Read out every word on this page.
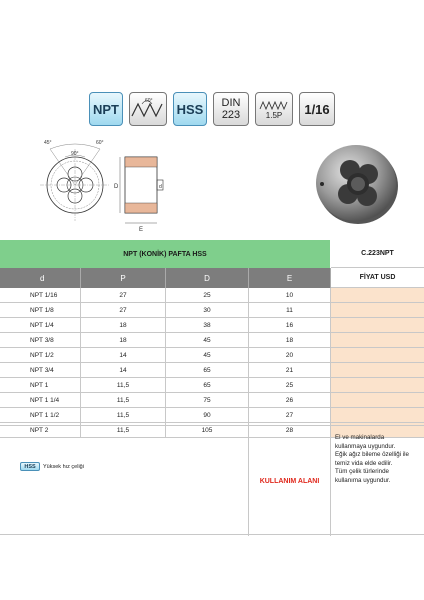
NPT
60°
HSS DIN
223	1.5P 1/16
45°	60°
90°
D	d
E
NPT (KONİK) PAFTA HSS	C.223NPT
d	P	D	E	FİYAT USD
NPT 1/16	27	25	10
NPT 1/8	27	30	11
NPT 1/4	18	38	16
NPT 3/8	18	45	18
NPT 1/2	14	45	20
NPT 3/4	14	65	21
NPT 1	11,5	65	25
NPT 1 1/4	11,5	75	26
NPT 1 1/2	11,5	90	27
NPT 2	11,5	105	28
HSS	Yüksek hız çeliği
KULLANIM ALANI
El ve makinalarda
kullanmaya uygundur.
Eğik ağız bileme özelliği ile
temiz vida elde edilir.
Tüm çelik türlerinde
kullanıma uygundur.
